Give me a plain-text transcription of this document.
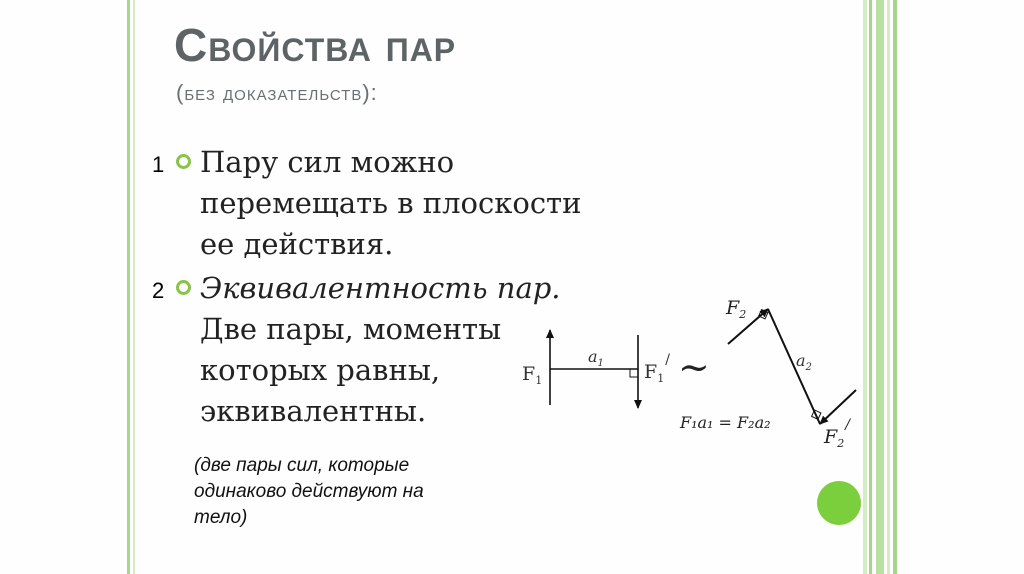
Свойства пар

(без доказательств):

1 Пару сил можно
перемещать в плоскости
ее действия.
2 Эквивалентность пар.
Две пары, моменты
которых равны,
эквивалентны.
(две пары сил, которые одинаково действуют на тело)
$F_1$
$a_1$ $F_1^/$ ~
$F_2$
$a_2$
$F_2^/$
F₁a₁ = F₂a₂
